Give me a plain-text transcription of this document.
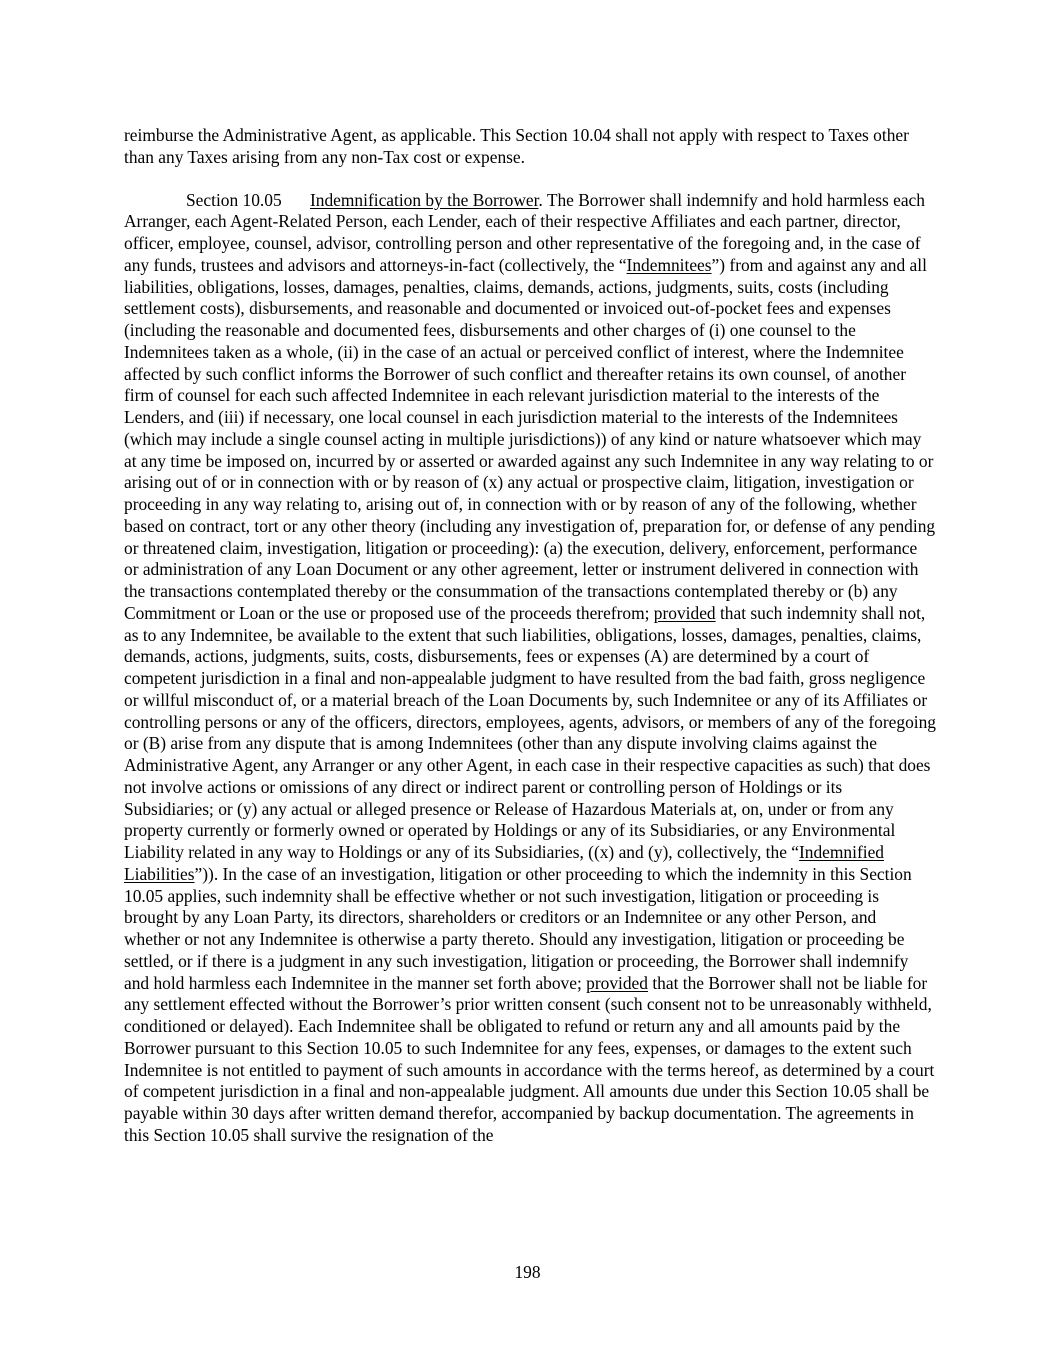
reimburse the Administrative Agent, as applicable. This Section 10.04 shall not apply with respect to Taxes other than any Taxes arising from any non-Tax cost or expense.

Section 10.05 Indemnification by the Borrower. The Borrower shall indemnify and hold harmless each Arranger, each Agent-Related Person, each Lender, each of their respective Affiliates and each partner, director, officer, employee, counsel, advisor, controlling person and other representative of the foregoing and, in the case of any funds, trustees and advisors and attorneys-in-fact (collectively, the “Indemnitees”) from and against any and all liabilities, obligations, losses, damages, penalties, claims, demands, actions, judgments, suits, costs (including settlement costs), disbursements, and reasonable and documented or invoiced out-of-pocket fees and expenses (including the reasonable and documented fees, disbursements and other charges of (i) one counsel to the Indemnitees taken as a whole, (ii) in the case of an actual or perceived conflict of interest, where the Indemnitee affected by such conflict informs the Borrower of such conflict and thereafter retains its own counsel, of another firm of counsel for each such affected Indemnitee in each relevant jurisdiction material to the interests of the Lenders, and (iii) if necessary, one local counsel in each jurisdiction material to the interests of the Indemnitees (which may include a single counsel acting in multiple jurisdictions)) of any kind or nature whatsoever which may at any time be imposed on, incurred by or asserted or awarded against any such Indemnitee in any way relating to or arising out of or in connection with or by reason of (x) any actual or prospective claim, litigation, investigation or proceeding in any way relating to, arising out of, in connection with or by reason of any of the following, whether based on contract, tort or any other theory (including any investigation of, preparation for, or defense of any pending or threatened claim, investigation, litigation or proceeding): (a) the execution, delivery, enforcement, performance or administration of any Loan Document or any other agreement, letter or instrument delivered in connection with the transactions contemplated thereby or the consummation of the transactions contemplated thereby or (b) any Commitment or Loan or the use or proposed use of the proceeds therefrom; provided that such indemnity shall not, as to any Indemnitee, be available to the extent that such liabilities, obligations, losses, damages, penalties, claims, demands, actions, judgments, suits, costs, disbursements, fees or expenses (A) are determined by a court of competent jurisdiction in a final and non-appealable judgment to have resulted from the bad faith, gross negligence or willful misconduct of, or a material breach of the Loan Documents by, such Indemnitee or any of its Affiliates or controlling persons or any of the officers, directors, employees, agents, advisors, or members of any of the foregoing or (B) arise from any dispute that is among Indemnitees (other than any dispute involving claims against the Administrative Agent, any Arranger or any other Agent, in each case in their respective capacities as such) that does not involve actions or omissions of any direct or indirect parent or controlling person of Holdings or its Subsidiaries; or (y) any actual or alleged presence or Release of Hazardous Materials at, on, under or from any property currently or formerly owned or operated by Holdings or any of its Subsidiaries, or any Environmental Liability related in any way to Holdings or any of its Subsidiaries, ((x) and (y), collectively, the “Indemnified Liabilities”)). In the case of an investigation, litigation or other proceeding to which the indemnity in this Section 10.05 applies, such indemnity shall be effective whether or not such investigation, litigation or proceeding is brought by any Loan Party, its directors, shareholders or creditors or an Indemnitee or any other Person, and whether or not any Indemnitee is otherwise a party thereto. Should any investigation, litigation or proceeding be settled, or if there is a judgment in any such investigation, litigation or proceeding, the Borrower shall indemnify and hold harmless each Indemnitee in the manner set forth above; provided that the Borrower shall not be liable for any settlement effected without the Borrower’s prior written consent (such consent not to be unreasonably withheld, conditioned or delayed). Each Indemnitee shall be obligated to refund or return any and all amounts paid by the Borrower pursuant to this Section 10.05 to such Indemnitee for any fees, expenses, or damages to the extent such Indemnitee is not entitled to payment of such amounts in accordance with the terms hereof, as determined by a court of competent jurisdiction in a final and non-appealable judgment. All amounts due under this Section 10.05 shall be payable within 30 days after written demand therefor, accompanied by backup documentation. The agreements in this Section 10.05 shall survive the resignation of the

198
